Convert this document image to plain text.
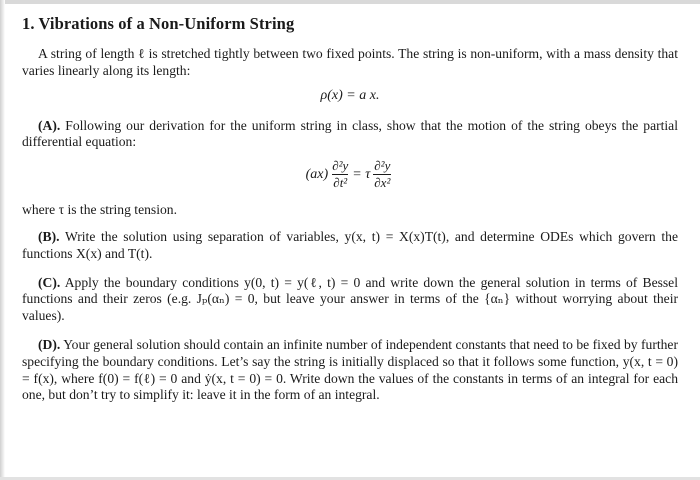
1. Vibrations of a Non-Uniform String

A string of length ℓ is stretched tightly between two fixed points. The string is non-uniform, with a mass density that varies linearly along its length:

ρ(x) = a x.

(A). Following our derivation for the uniform string in class, show that the motion of the string obeys the partial differential equation:

$(ax) \frac{\text{∂²y}}{\text{∂t²}} = \tau \frac{\text{∂²y}}{\text{∂x²}}$

where τ is the string tension.

(B). Write the solution using separation of variables, y(x, t) = X(x)T(t), and determine ODEs which govern the functions X(x) and T(t).

(C). Apply the boundary conditions y(0, t) = y(ℓ, t) = 0 and write down the general solution in terms of Bessel functions and their zeros (e.g. Jₚ(αₙ) = 0, but leave your answer in terms of the {αₙ} without worrying about their values).

(D). Your general solution should contain an infinite number of independent constants that need to be fixed by further specifying the boundary conditions. Let’s say the string is initially displaced so that it follows some function, y(x, t = 0) = f(x), where f(0) = f(ℓ) = 0 and ẏ(x, t = 0) = 0. Write down the values of the constants in terms of an integral for each one, but don’t try to simplify it: leave it in the form of an integral.
